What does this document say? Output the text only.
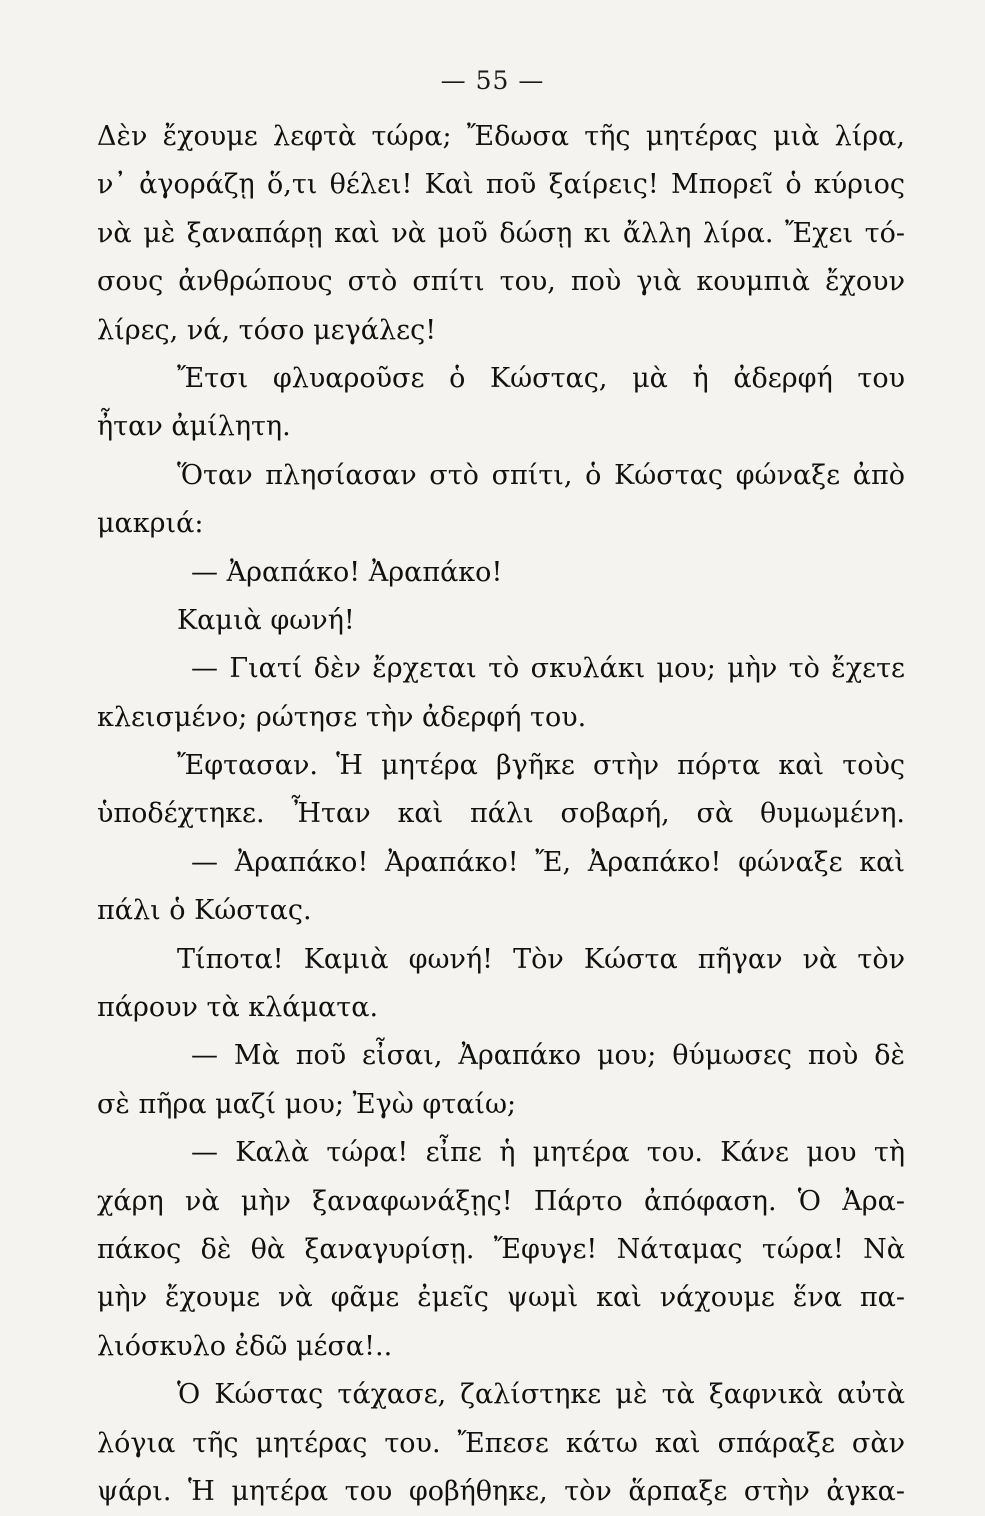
— 55 —
Δὲν ἔχουμε λεφτὰ τώρα; Ἔδωσα τῆς μητέρας μιὰ λίρα,
ν᾿ ἀγοράζῃ ὅ,τι θέλει! Καὶ ποῦ ξαίρεις! Μπορεῖ ὁ κύριος
νὰ μὲ ξαναπάρῃ καὶ νὰ μοῦ δώσῃ κι ἄλλη λίρα. Ἔχει τό-
σους ἀνθρώπους στὸ σπίτι του, ποὺ γιὰ κουμπιὰ ἔχουν
λίρες, νά, τόσο μεγάλες!
Ἔτσι φλυαροῦσε ὁ Κώστας, μὰ ἡ ἀδερφή του
ἦταν ἀμίλητη.
Ὅταν πλησίασαν στὸ σπίτι, ὁ Κώστας φώναξε ἀπὸ
μακριά:
— Ἀραπάκο! Ἀραπάκο!
Καμιὰ φωνή!
— Γιατί δὲν ἔρχεται τὸ σκυλάκι μου; μὴν τὸ ἔχετε
κλεισμένο; ρώτησε τὴν ἀδερφή του.
Ἔφτασαν. Ἡ μητέρα βγῆκε στὴν πόρτα καὶ τοὺς
ὑποδέχτηκε. Ἦταν καὶ πάλι σοβαρή, σὰ θυμωμένη.
— Ἀραπάκο! Ἀραπάκο! Ἔ, Ἀραπάκο! φώναξε καὶ
πάλι ὁ Κώστας.
Τίποτα! Καμιὰ φωνή! Τὸν Κώστα πῆγαν νὰ τὸν
πάρουν τὰ κλάματα.
— Μὰ ποῦ εἶσαι, Ἀραπάκο μου; θύμωσες ποὺ δὲ
σὲ πῆρα μαζί μου; Ἐγὼ φταίω;
— Καλὰ τώρα! εἶπε ἡ μητέρα του. Κάνε μου τὴ
χάρη νὰ μὴν ξαναφωνάξῃς! Πάρτο ἀπόφαση. Ὁ Ἀρα-
πάκος δὲ θὰ ξαναγυρίσῃ. Ἔφυγε! Νάταμας τώρα! Νὰ
μὴν ἔχουμε νὰ φᾶμε ἐμεῖς ψωμὶ καὶ νάχουμε ἕνα πα-
λιόσκυλο ἐδῶ μέσα!..
Ὁ Κώστας τάχασε, ζαλίστηκε μὲ τὰ ξαφνικὰ αὐτὰ
λόγια τῆς μητέρας του. Ἔπεσε κάτω καὶ σπάραξε σὰν
ψάρι. Ἡ μητέρα του φοβήθηκε, τὸν ἅρπαξε στὴν ἀγκα-
